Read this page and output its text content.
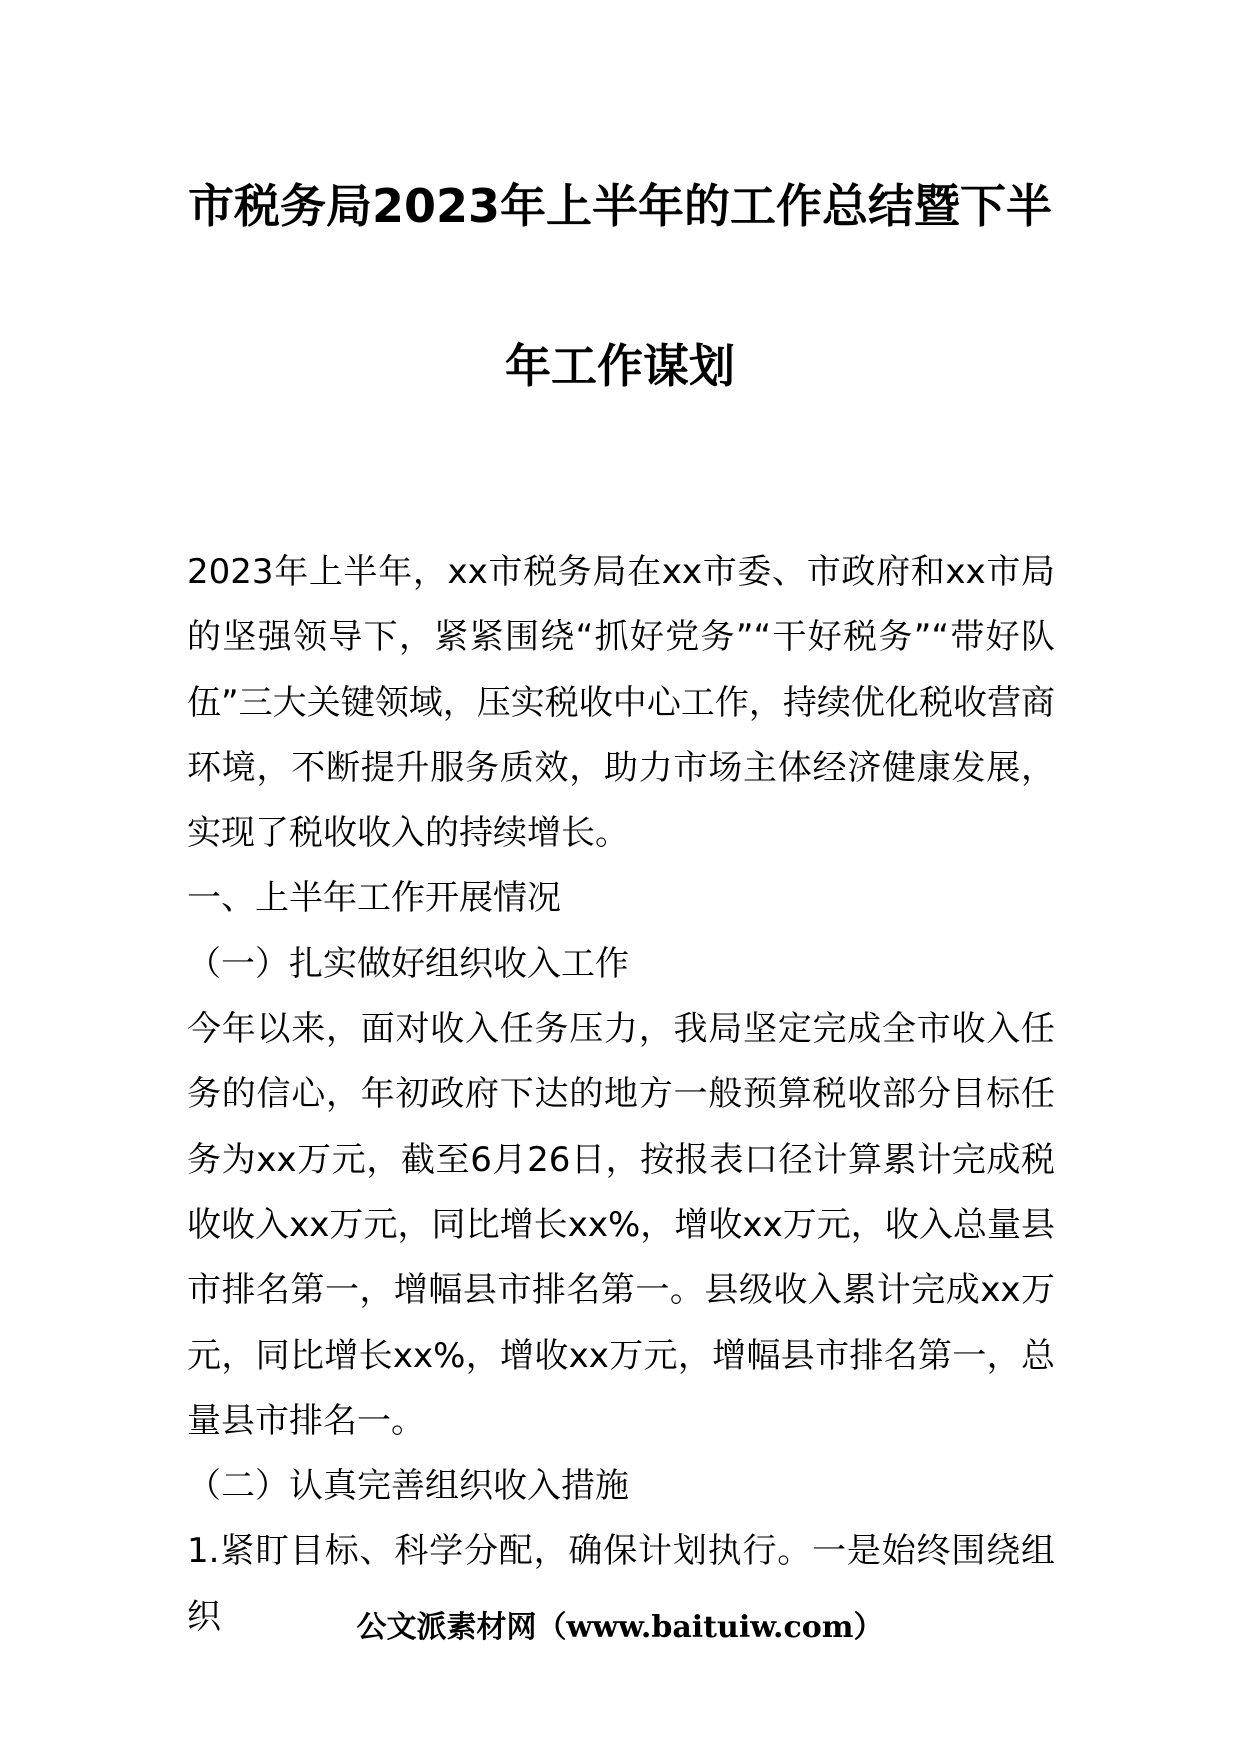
市税务局2023年上半年的工作总结暨下半
年工作谋划

2023年上半年，xx市税务局在xx市委、市政府和xx市局的坚强领导下，紧紧围绕“抓好党务”“干好税务”“带好队伍”三大关键领域，压实税收中心工作，持续优化税收营商环境，不断提升服务质效，助力市场主体经济健康发展，实现了税收收入的持续增长。

一、上半年工作开展情况

（一）扎实做好组织收入工作

今年以来，面对收入任务压力，我局坚定完成全市收入任务的信心，年初政府下达的地方一般预算税收部分目标任务为xx万元，截至6月26日，按报表口径计算累计完成税收收入xx万元，同比增长xx%，增收xx万元，收入总量县市排名第一，增幅县市排名第一。县级收入累计完成xx万元，同比增长xx%，增收xx万元，增幅县市排名第一，总量县市排名一。

（二）认真完善组织收入措施

1.紧盯目标、科学分配，确保计划执行。一是始终围绕组织	公文派素材网（www.baituiw.com）
